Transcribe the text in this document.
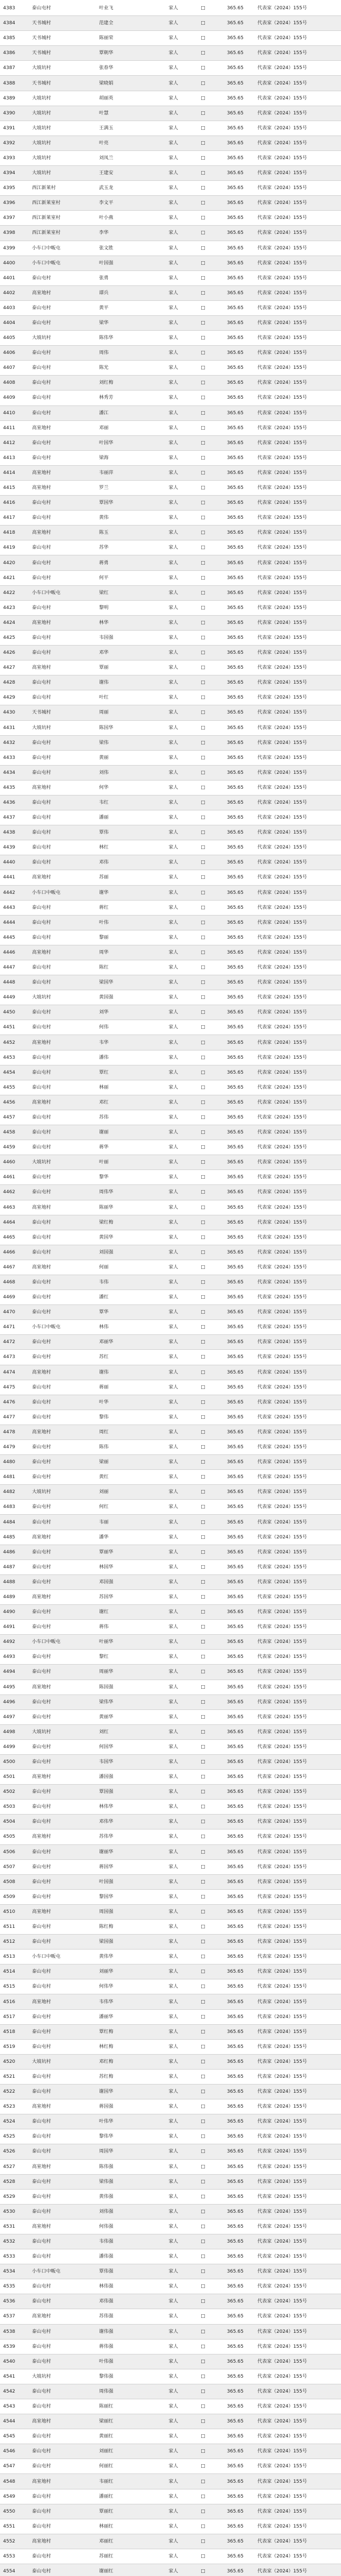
4383	泰山屯村	叶业飞		家人	□	365.65	代表家（2024）155号
4384	天书城村	范建全		家人	□	365.65	代表家（2024）155号
4385	天书城村	陈丽荣		家人	□	365.65	代表家（2024）155号
4386	天书城村	覃朝华		家人	□	365.65	代表家（2024）155号
4387	大坡坑村	张春华		家人	□	365.65	代表家（2024）155号
4388	天书城村	梁晓娟		家人	□	365.65	代表家（2024）155号
4389	大坡坑村	胡丽英		家人	□	365.65	代表家（2024）155号
4390	大坡坑村	叶慧		家人	□	365.65	代表家（2024）155号
4391	大坡坑村	王满玉		家人	□	365.65	代表家（2024）155号
4392	大坡坑村	叶亮		家人	□	365.65	代表家（2024）155号
4393	大坡坑村	刘凤兰		家人	□	365.65	代表家（2024）155号
4394	大坡坑村	王建安		家人	□	365.65	代表家（2024）155号
4395	西江新莱村	武玉龙		家人	□	365.65	代表家（2024）155号
4396	西江新莱室村	李文平		家人	□	365.65	代表家（2024）155号
4397	西江新莱室村	叶小燕		家人	□	365.65	代表家（2024）155号
4398	西江新莱室村	李华		家人	□	365.65	代表家（2024）155号
4399	小车口中畈屯	张文胜		家人	□	365.65	代表家（2024）155号
4400	小车口中畈屯	叶国强		家人	□	365.65	代表家（2024）155号
4401	泰山屯村	张勇		家人	□	365.65	代表家（2024）155号
4402	高室地村	谭兵		家人	□	365.65	代表家（2024）155号
4403	泰山屯村	黄平		家人	□	365.65	代表家（2024）155号
4404	泰山屯村	梁华		家人	□	365.65	代表家（2024）155号
4405	大坡坑村	陈伟华		家人	□	365.65	代表家（2024）155号
4406	泰山屯村	周伟		家人	□	365.65	代表家（2024）155号
4407	泰山屯村	陈光		家人	□	365.65	代表家（2024）155号
4408	泰山屯村	刘红梅		家人	□	365.65	代表家（2024）155号
4409	泰山屯村	林秀芳		家人	□	365.65	代表家（2024）155号
4410	泰山屯村	潘江		家人	□	365.65	代表家（2024）155号
4411	高室地村	邓丽		家人	□	365.65	代表家（2024）155号
4412	泰山屯村	叶国华		家人	□	365.65	代表家（2024）155号
4413	泰山屯村	梁海		家人	□	365.65	代表家（2024）155号
4414	高室地村	韦丽萍		家人	□	365.65	代表家（2024）155号
4415	高室地村	罗兰		家人	□	365.65	代表家（2024）155号
4416	泰山屯村	覃国华		家人	□	365.65	代表家（2024）155号
4417	泰山屯村	黄伟		家人	□	365.65	代表家（2024）155号
4418	高室地村	陈玉		家人	□	365.65	代表家（2024）155号
4419	泰山屯村	苏华		家人	□	365.65	代表家（2024）155号
4420	泰山屯村	蒋勇		家人	□	365.65	代表家（2024）155号
4421	泰山屯村	何平		家人	□	365.65	代表家（2024）155号
4422	小车口中畈屯	梁红		家人	□	365.65	代表家（2024）155号
4423	泰山屯村	黎明		家人	□	365.65	代表家（2024）155号
4424	高室地村	林华		家人	□	365.65	代表家（2024）155号
4425	泰山屯村	韦国强		家人	□	365.65	代表家（2024）155号
4426	泰山屯村	邓华		家人	□	365.65	代表家（2024）155号
4427	高室地村	覃丽		家人	□	365.65	代表家（2024）155号
4428	泰山屯村	谢伟		家人	□	365.65	代表家（2024）155号
4429	泰山屯村	叶红		家人	□	365.65	代表家（2024）155号
4430	天书城村	周丽		家人	□	365.65	代表家（2024）155号
4431	大坡坑村	陈国华		家人	□	365.65	代表家（2024）155号
4432	泰山屯村	梁伟		家人	□	365.65	代表家（2024）155号
4433	泰山屯村	黄丽		家人	□	365.65	代表家（2024）155号
4434	泰山屯村	刘伟		家人	□	365.65	代表家（2024）155号
4435	高室地村	何华		家人	□	365.65	代表家（2024）155号
4436	泰山屯村	韦红		家人	□	365.65	代表家（2024）155号
4437	泰山屯村	潘丽		家人	□	365.65	代表家（2024）155号
4438	泰山屯村	覃伟		家人	□	365.65	代表家（2024）155号
4439	泰山屯村	林红		家人	□	365.65	代表家（2024）155号
4440	泰山屯村	邓伟		家人	□	365.65	代表家（2024）155号
4441	高室地村	苏丽		家人	□	365.65	代表家（2024）155号
4442	小车口中畈屯	谢华		家人	□	365.65	代表家（2024）155号
4443	泰山屯村	蒋红		家人	□	365.65	代表家（2024）155号
4444	泰山屯村	叶伟		家人	□	365.65	代表家（2024）155号
4445	泰山屯村	黎丽		家人	□	365.65	代表家（2024）155号
4446	高室地村	周华		家人	□	365.65	代表家（2024）155号
4447	泰山屯村	陈红		家人	□	365.65	代表家（2024）155号
4448	泰山屯村	梁国华		家人	□	365.65	代表家（2024）155号
4449	大坡坑村	黄国强		家人	□	365.65	代表家（2024）155号
4450	泰山屯村	刘华		家人	□	365.65	代表家（2024）155号
4451	泰山屯村	何伟		家人	□	365.65	代表家（2024）155号
4452	高室地村	韦华		家人	□	365.65	代表家（2024）155号
4453	泰山屯村	潘伟		家人	□	365.65	代表家（2024）155号
4454	泰山屯村	覃红		家人	□	365.65	代表家（2024）155号
4455	泰山屯村	林丽		家人	□	365.65	代表家（2024）155号
4456	高室地村	邓红		家人	□	365.65	代表家（2024）155号
4457	泰山屯村	苏伟		家人	□	365.65	代表家（2024）155号
4458	泰山屯村	谢丽		家人	□	365.65	代表家（2024）155号
4459	泰山屯村	蒋华		家人	□	365.65	代表家（2024）155号
4460	大坡坑村	叶丽		家人	□	365.65	代表家（2024）155号
4461	泰山屯村	黎华		家人	□	365.65	代表家（2024）155号
4462	泰山屯村	周伟华		家人	□	365.65	代表家（2024）155号
4463	高室地村	陈丽华		家人	□	365.65	代表家（2024）155号
4464	泰山屯村	梁红梅		家人	□	365.65	代表家（2024）155号
4465	泰山屯村	黄国华		家人	□	365.65	代表家（2024）155号
4466	泰山屯村	刘国强		家人	□	365.65	代表家（2024）155号
4467	高室地村	何丽		家人	□	365.65	代表家（2024）155号
4468	泰山屯村	韦伟		家人	□	365.65	代表家（2024）155号
4469	泰山屯村	潘红		家人	□	365.65	代表家（2024）155号
4470	泰山屯村	覃华		家人	□	365.65	代表家（2024）155号
4471	小车口中畈屯	林伟		家人	□	365.65	代表家（2024）155号
4472	泰山屯村	邓丽华		家人	□	365.65	代表家（2024）155号
4473	泰山屯村	苏红		家人	□	365.65	代表家（2024）155号
4474	高室地村	谢伟		家人	□	365.65	代表家（2024）155号
4475	泰山屯村	蒋丽		家人	□	365.65	代表家（2024）155号
4476	泰山屯村	叶华		家人	□	365.65	代表家（2024）155号
4477	泰山屯村	黎伟		家人	□	365.65	代表家（2024）155号
4478	高室地村	周红		家人	□	365.65	代表家（2024）155号
4479	泰山屯村	陈伟		家人	□	365.65	代表家（2024）155号
4480	泰山屯村	梁丽		家人	□	365.65	代表家（2024）155号
4481	泰山屯村	黄红		家人	□	365.65	代表家（2024）155号
4482	大坡坑村	刘丽		家人	□	365.65	代表家（2024）155号
4483	泰山屯村	何红		家人	□	365.65	代表家（2024）155号
4484	泰山屯村	韦丽		家人	□	365.65	代表家（2024）155号
4485	高室地村	潘华		家人	□	365.65	代表家（2024）155号
4486	泰山屯村	覃丽华		家人	□	365.65	代表家（2024）155号
4487	泰山屯村	林国华		家人	□	365.65	代表家（2024）155号
4488	泰山屯村	邓国强		家人	□	365.65	代表家（2024）155号
4489	高室地村	苏国华		家人	□	365.65	代表家（2024）155号
4490	泰山屯村	谢红		家人	□	365.65	代表家（2024）155号
4491	泰山屯村	蒋伟		家人	□	365.65	代表家（2024）155号
4492	小车口中畈屯	叶丽华		家人	□	365.65	代表家（2024）155号
4493	泰山屯村	黎红		家人	□	365.65	代表家（2024）155号
4494	泰山屯村	周丽华		家人	□	365.65	代表家（2024）155号
4495	高室地村	陈国强		家人	□	365.65	代表家（2024）155号
4496	泰山屯村	梁伟华		家人	□	365.65	代表家（2024）155号
4497	泰山屯村	黄丽华		家人	□	365.65	代表家（2024）155号
4498	大坡坑村	刘红		家人	□	365.65	代表家（2024）155号
4499	泰山屯村	何国华		家人	□	365.65	代表家（2024）155号
4500	泰山屯村	韦国华		家人	□	365.65	代表家（2024）155号
4501	高室地村	潘国强		家人	□	365.65	代表家（2024）155号
4502	泰山屯村	覃国强		家人	□	365.65	代表家（2024）155号
4503	泰山屯村	林伟华		家人	□	365.65	代表家（2024）155号
4504	泰山屯村	邓伟华		家人	□	365.65	代表家（2024）155号
4505	高室地村	苏伟华		家人	□	365.65	代表家（2024）155号
4506	泰山屯村	谢丽华		家人	□	365.65	代表家（2024）155号
4507	泰山屯村	蒋国华		家人	□	365.65	代表家（2024）155号
4508	泰山屯村	叶国强		家人	□	365.65	代表家（2024）155号
4509	泰山屯村	黎国华		家人	□	365.65	代表家（2024）155号
4510	高室地村	周国强		家人	□	365.65	代表家（2024）155号
4511	泰山屯村	陈红梅		家人	□	365.65	代表家（2024）155号
4512	泰山屯村	梁国强		家人	□	365.65	代表家（2024）155号
4513	小车口中畈屯	黄伟华		家人	□	365.65	代表家（2024）155号
4514	泰山屯村	刘丽华		家人	□	365.65	代表家（2024）155号
4515	泰山屯村	何伟华		家人	□	365.65	代表家（2024）155号
4516	高室地村	韦伟华		家人	□	365.65	代表家（2024）155号
4517	泰山屯村	潘丽华		家人	□	365.65	代表家（2024）155号
4518	泰山屯村	覃红梅		家人	□	365.65	代表家（2024）155号
4519	泰山屯村	林红梅		家人	□	365.65	代表家（2024）155号
4520	大坡坑村	邓红梅		家人	□	365.65	代表家（2024）155号
4521	泰山屯村	苏红梅		家人	□	365.65	代表家（2024）155号
4522	泰山屯村	谢国华		家人	□	365.65	代表家（2024）155号
4523	高室地村	蒋国强		家人	□	365.65	代表家（2024）155号
4524	泰山屯村	叶伟华		家人	□	365.65	代表家（2024）155号
4525	泰山屯村	黎伟华		家人	□	365.65	代表家（2024）155号
4526	泰山屯村	周国华		家人	□	365.65	代表家（2024）155号
4527	高室地村	陈伟强		家人	□	365.65	代表家（2024）155号
4528	泰山屯村	梁伟强		家人	□	365.65	代表家（2024）155号
4529	泰山屯村	黄伟强		家人	□	365.65	代表家（2024）155号
4530	泰山屯村	刘伟强		家人	□	365.65	代表家（2024）155号
4531	高室地村	何伟强		家人	□	365.65	代表家（2024）155号
4532	泰山屯村	韦伟强		家人	□	365.65	代表家（2024）155号
4533	泰山屯村	潘伟强		家人	□	365.65	代表家（2024）155号
4534	小车口中畈屯	覃伟强		家人	□	365.65	代表家（2024）155号
4535	泰山屯村	林伟强		家人	□	365.65	代表家（2024）155号
4536	泰山屯村	邓伟强		家人	□	365.65	代表家（2024）155号
4537	高室地村	苏伟强		家人	□	365.65	代表家（2024）155号
4538	泰山屯村	谢伟强		家人	□	365.65	代表家（2024）155号
4539	泰山屯村	蒋伟强		家人	□	365.65	代表家（2024）155号
4540	泰山屯村	叶伟强		家人	□	365.65	代表家（2024）155号
4541	大坡坑村	黎伟强		家人	□	365.65	代表家（2024）155号
4542	泰山屯村	周伟强		家人	□	365.65	代表家（2024）155号
4543	泰山屯村	陈丽红		家人	□	365.65	代表家（2024）155号
4544	高室地村	梁丽红		家人	□	365.65	代表家（2024）155号
4545	泰山屯村	黄丽红		家人	□	365.65	代表家（2024）155号
4546	泰山屯村	刘丽红		家人	□	365.65	代表家（2024）155号
4547	泰山屯村	何丽红		家人	□	365.65	代表家（2024）155号
4548	高室地村	韦丽红		家人	□	365.65	代表家（2024）155号
4549	泰山屯村	潘丽红		家人	□	365.65	代表家（2024）155号
4550	泰山屯村	覃丽红		家人	□	365.65	代表家（2024）155号
4551	泰山屯村	林丽红		家人	□	365.65	代表家（2024）155号
4552	高室地村	邓丽红		家人	□	365.65	代表家（2024）155号
4553	泰山屯村	苏丽红		家人	□	365.65	代表家（2024）155号
4554	泰山屯村	谢丽红		家人	□	365.65	代表家（2024）155号
